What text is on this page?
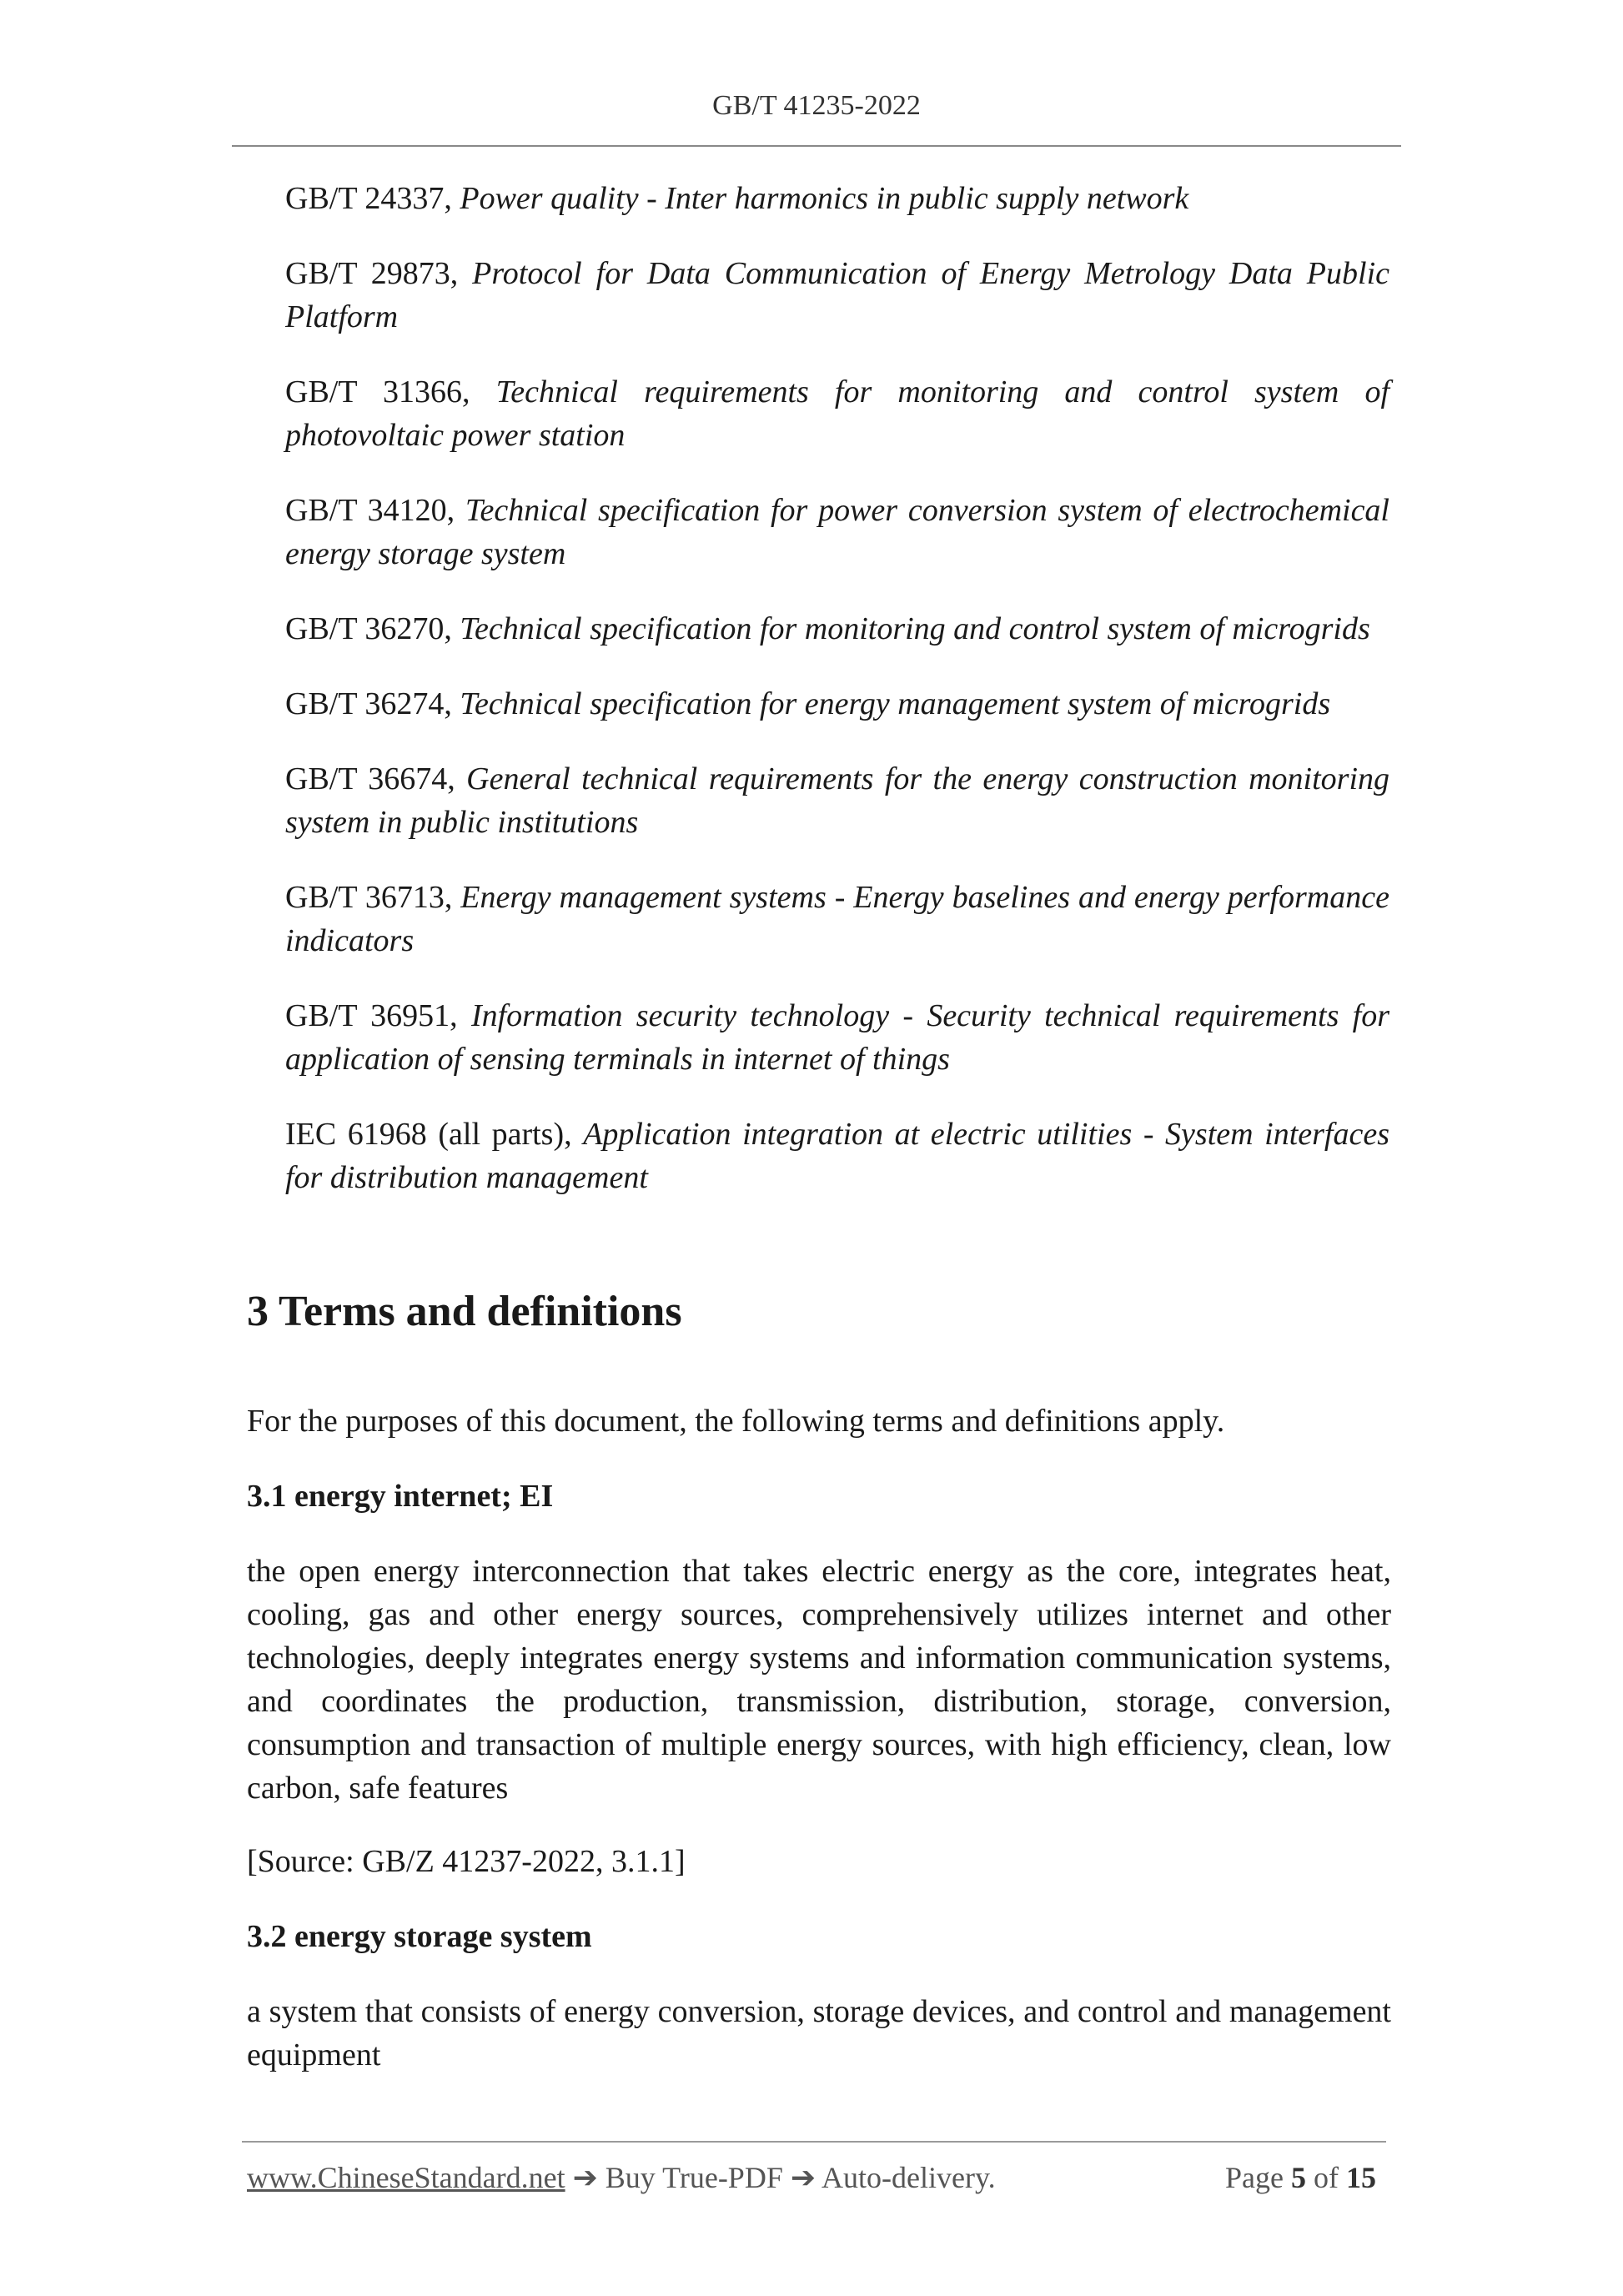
GB/T 41235-2022

GB/T 24337, Power quality - Inter harmonics in public supply network

GB/T 29873, Protocol for Data Communication of Energy Metrology Data Public Platform

GB/T 31366, Technical requirements for monitoring and control system of photovoltaic power station

GB/T 34120, Technical specification for power conversion system of electrochemical energy storage system

GB/T 36270, Technical specification for monitoring and control system of microgrids

GB/T 36274, Technical specification for energy management system of microgrids

GB/T 36674, General technical requirements for the energy construction monitoring system in public institutions

GB/T 36713, Energy management systems - Energy baselines and energy performance indicators

GB/T 36951, Information security technology - Security technical requirements for application of sensing terminals in internet of things

IEC 61968 (all parts), Application integration at electric utilities - System interfaces for distribution management

3 Terms and definitions

For the purposes of this document, the following terms and definitions apply.

3.1 energy internet; EI

the open energy interconnection that takes electric energy as the core, integrates heat, cooling, gas and other energy sources, comprehensively utilizes internet and other technologies, deeply integrates energy systems and information communication systems, and coordinates the production, transmission, distribution, storage, conversion, consumption and transaction of multiple energy sources, with high efficiency, clean, low carbon, safe features

[Source: GB/Z 41237-2022, 3.1.1]

3.2 energy storage system

a system that consists of energy conversion, storage devices, and control and management equipment

www.ChineseStandard.net ➔ Buy True-PDF ➔ Auto-delivery.	Page 5 of 15
